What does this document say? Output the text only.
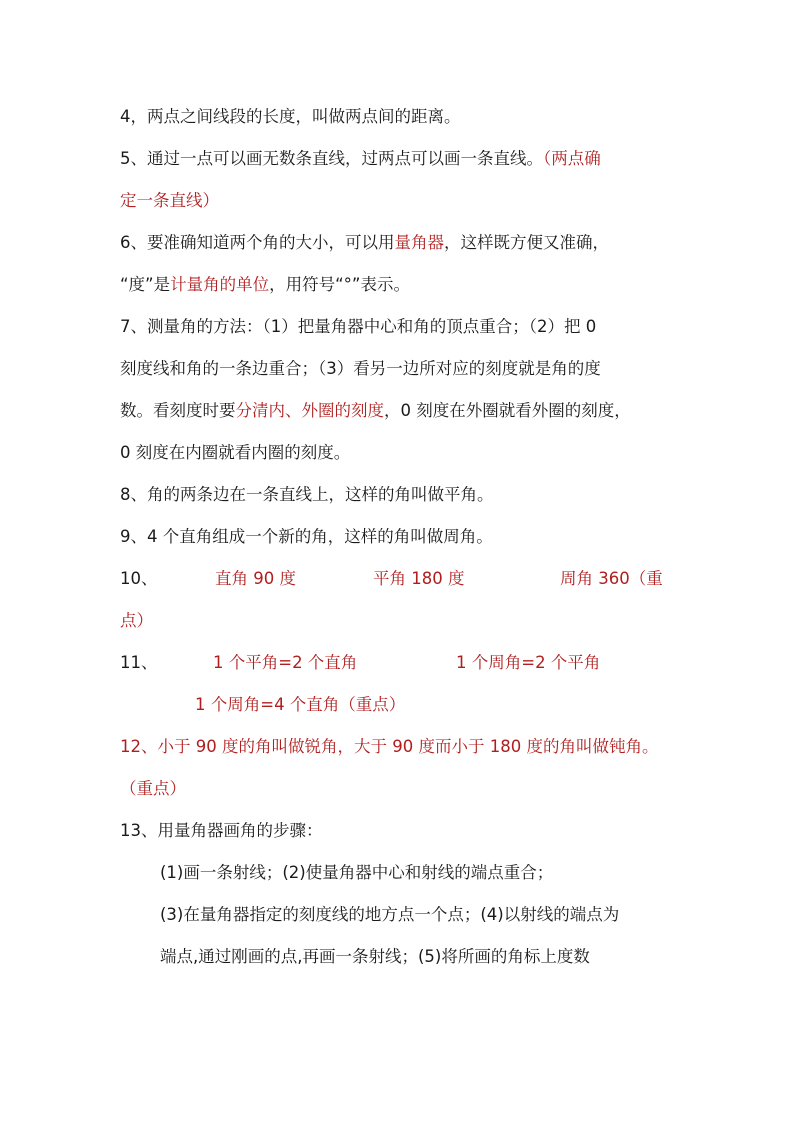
4，两点之间线段的长度，叫做两点间的距离。
5、通过一点可以画无数条直线，过两点可以画一条直线。（两点确
定一条直线）
6、要准确知道两个角的大小，可以用量角器，这样既方便又准确，
“度”是计量角的单位，用符号“°”表示。
7、测量角的方法：（1）把量角器中心和角的顶点重合；（2）把 0
刻度线和角的一条边重合；（3）看另一边所对应的刻度就是角的度
数。看刻度时要分清内、外圈的刻度，0 刻度在外圈就看外圈的刻度，
0 刻度在内圈就看内圈的刻度。
8、角的两条边在一条直线上，这样的角叫做平角。
9、4 个直角组成一个新的角，这样的角叫做周角。
10、	直角 90 度	平角 180 度	周角 360（重
点）
11、	1 个平角=2 个直角	1 个周角=2 个平角
1 个周角=4 个直角（重点）
12、小于 90 度的角叫做锐角，大于 90 度而小于 180 度的角叫做钝角。
（重点）
13、用量角器画角的步骤：
(1)画一条射线；(2)使量角器中心和射线的端点重合；
(3)在量角器指定的刻度线的地方点一个点；(4)以射线的端点为
端点,通过刚画的点,再画一条射线；(5)将所画的角标上度数
